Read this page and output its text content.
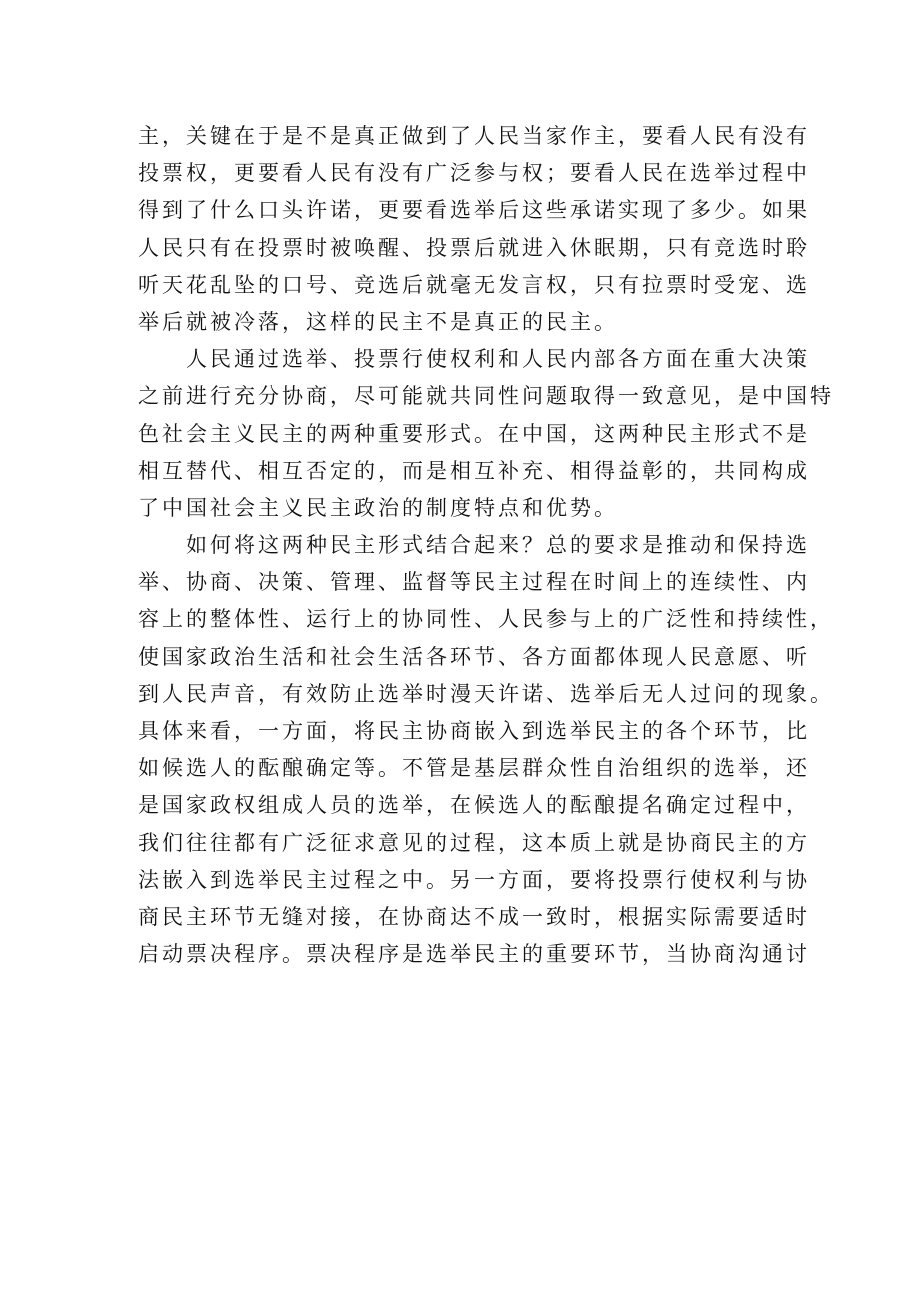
主，关键在于是不是真正做到了人民当家作主，要看人民有没有
投票权，更要看人民有没有广泛参与权；要看人民在选举过程中
得到了什么口头许诺，更要看选举后这些承诺实现了多少。如果
人民只有在投票时被唤醒、投票后就进入休眠期，只有竞选时聆
听天花乱坠的口号、竞选后就毫无发言权，只有拉票时受宠、选
举后就被冷落，这样的民主不是真正的民主。
人民通过选举、投票行使权利和人民内部各方面在重大决策
之前进行充分协商，尽可能就共同性问题取得一致意见，是中国特
色社会主义民主的两种重要形式。在中国，这两种民主形式不是
相互替代、相互否定的，而是相互补充、相得益彰的，共同构成
了中国社会主义民主政治的制度特点和优势。
如何将这两种民主形式结合起来？总的要求是推动和保持选
举、协商、决策、管理、监督等民主过程在时间上的连续性、内
容上的整体性、运行上的协同性、人民参与上的广泛性和持续性，
使国家政治生活和社会生活各环节、各方面都体现人民意愿、听
到人民声音，有效防止选举时漫天许诺、选举后无人过问的现象。
具体来看，一方面，将民主协商嵌入到选举民主的各个环节，比
如候选人的酝酿确定等。不管是基层群众性自治组织的选举，还
是国家政权组成人员的选举，在候选人的酝酿提名确定过程中，
我们往往都有广泛征求意见的过程，这本质上就是协商民主的方
法嵌入到选举民主过程之中。另一方面，要将投票行使权利与协
商民主环节无缝对接，在协商达不成一致时，根据实际需要适时
启动票决程序。票决程序是选举民主的重要环节，当协商沟通讨
